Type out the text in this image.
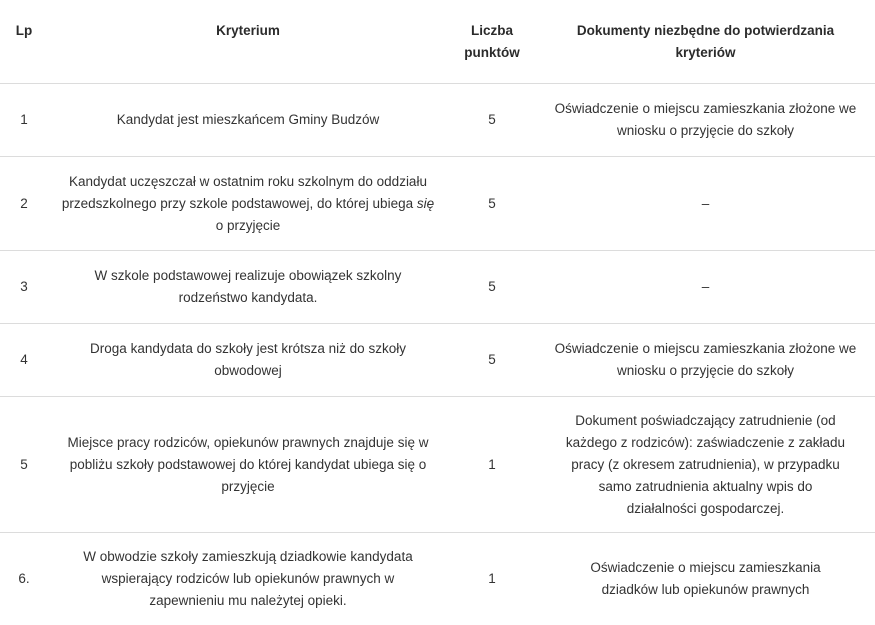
Lp	Kryterium	Liczba punktów	Dokumenty niezbędne do potwierdzania kryteriów
1	Kandydat jest mieszkańcem Gminy Budzów	5	Oświadczenie o miejscu zamieszkania złożone we wniosku o przyjęcie do szkoły
2	Kandydat uczęszczał w ostatnim roku szkolnym do oddziału przedszkolnego przy szkole podstawowej, do której ubiega się o przyjęcie	5	–
3	W szkole podstawowej realizuje obowiązek szkolny rodzeństwo kandydata.	5	–
4	Droga kandydata do szkoły jest krótsza niż do szkoły obwodowej	5	Oświadczenie o miejscu zamieszkania złożone we wniosku o przyjęcie do szkoły
5	Miejsce pracy rodziców, opiekunów prawnych znajduje się w pobliżu szkoły podstawowej do której kandydat ubiega się o przyjęcie	1	Dokument poświadczający zatrudnienie (od każdego z rodziców): zaświadczenie z zakładu pracy (z okresem zatrudnienia), w przypadku samo zatrudnienia aktualny wpis do działalności gospodarczej.
6.	W obwodzie szkoły zamieszkują dziadkowie kandydata wspierający rodziców lub opiekunów prawnych w zapewnieniu mu należytej opieki.	1	Oświadczenie o miejscu zamieszkania dziadków lub opiekunów prawnych
